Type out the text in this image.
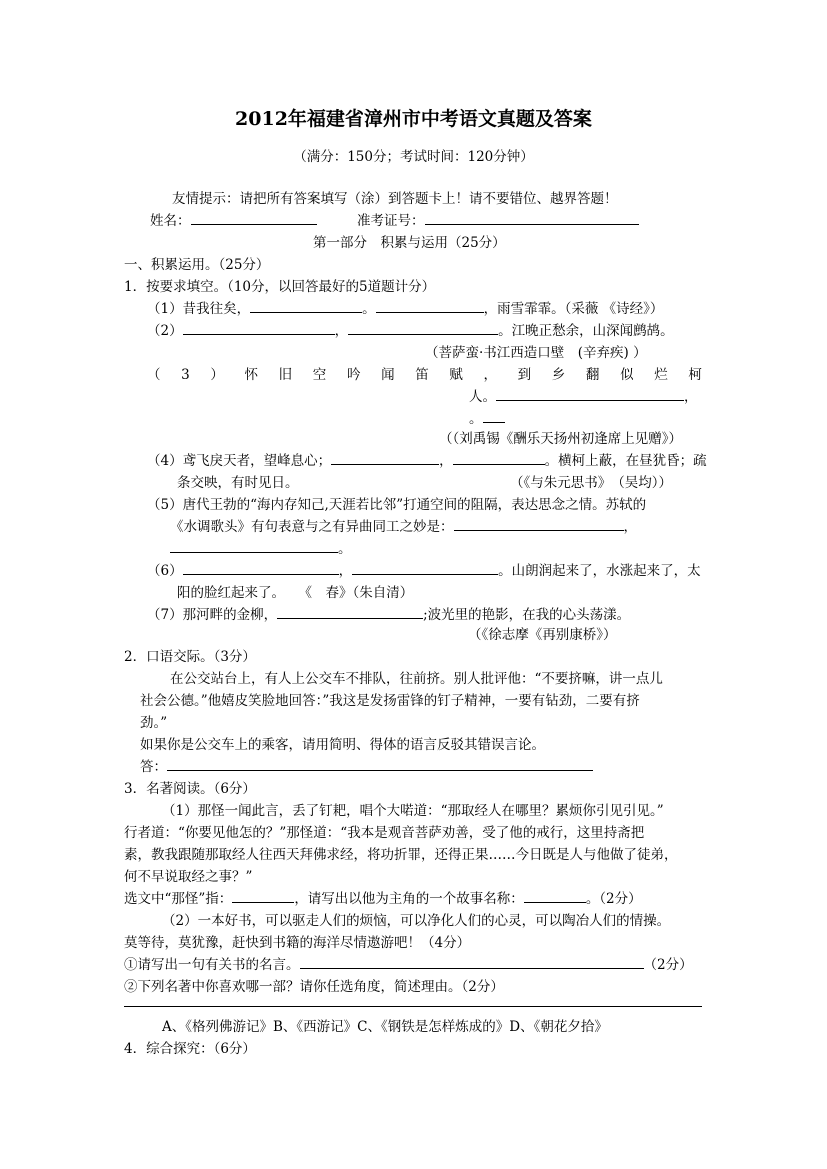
2012年福建省漳州市中考语文真题及答案
（满分：150分；考试时间：120分钟）
友情提示：请把所有答案填写（涂）到答题卡上！请不要错位、越界答题！
姓名：	准考证号：
第一部分　积累与运用（25分）
一、积累运用。（25分）
1．按要求填空。（10分，以回答最好的5道题计分）
（1）昔我往矣，	。	，雨雪霏霏。（采薇 《诗经》）
（2）	，	。江晚正愁余，山深闻鹧鸪。
（菩萨蛮·书江西造口壁　(辛弃疾) ）
（ 3 ） 怀 旧 空 吟 闻 笛 赋 ， 到 乡 翻 似 烂 柯
人。	，
。
（（刘禹锡《酬乐天扬州初逢席上见赠》）
（4）鸢飞戾天者，望峰息心；	，	。横柯上蔽，在昼犹昏；疏
条交映，有时见日。	（《与朱元思书》　（吴均））
（5）唐代王勃的“海内存知己,天涯若比邻”打通空间的阻隔，表达思念之情。苏轼的
《水调歌头》有句表意与之有异曲同工之妙是：	，
。
（6）	，	。山朗润起来了，水涨起来了，太
阳的脸红起来了。　　《　春》（朱自清）
（7）那河畔的金柳，	;波光里的艳影，在我的心头荡漾。
（《徐志摩《再别康桥》）
2．口语交际。（3分）
在公交站台上，有人上公交车不排队，往前挤。别人批评他：“不要挤嘛，讲一点儿
社会公德。”他嬉皮笑脸地回答：”我这是发扬雷锋的钉子精神，一要有钻劲，二要有挤
劲。”
如果你是公交车上的乘客，请用简明、得体的语言反驳其错误言论。
答：
3．名著阅读。（6分）
（1）那怪一闻此言，丢了钉耙，唱个大喏道：“那取经人在哪里？累烦你引见引见。”
行者道：“你要见他怎的？”那怪道：“我本是观音菩萨劝善，受了他的戒行，这里持斋把
素，教我跟随那取经人往西天拜佛求经，将功折罪，还得正果……今日既是人与他做了徒弟，
何不早说取经之事？”
选文中“那怪”指：	，请写出以他为主角的一个故事名称：	。（2分）
（2）一本好书，可以驱走人们的烦恼，可以净化人们的心灵，可以陶冶人们的情操。
莫等待，莫犹豫，赶快到书籍的海洋尽情遨游吧！（4分）
①请写出一句有关书的名言。	（2分）
②下列名著中你喜欢哪一部？请你任选角度，简述理由。（2分）
A、《格列佛游记》B、《西游记》C、《钢铁是怎样炼成的》D、《朝花夕拾》
4．综合探究：（6分）
